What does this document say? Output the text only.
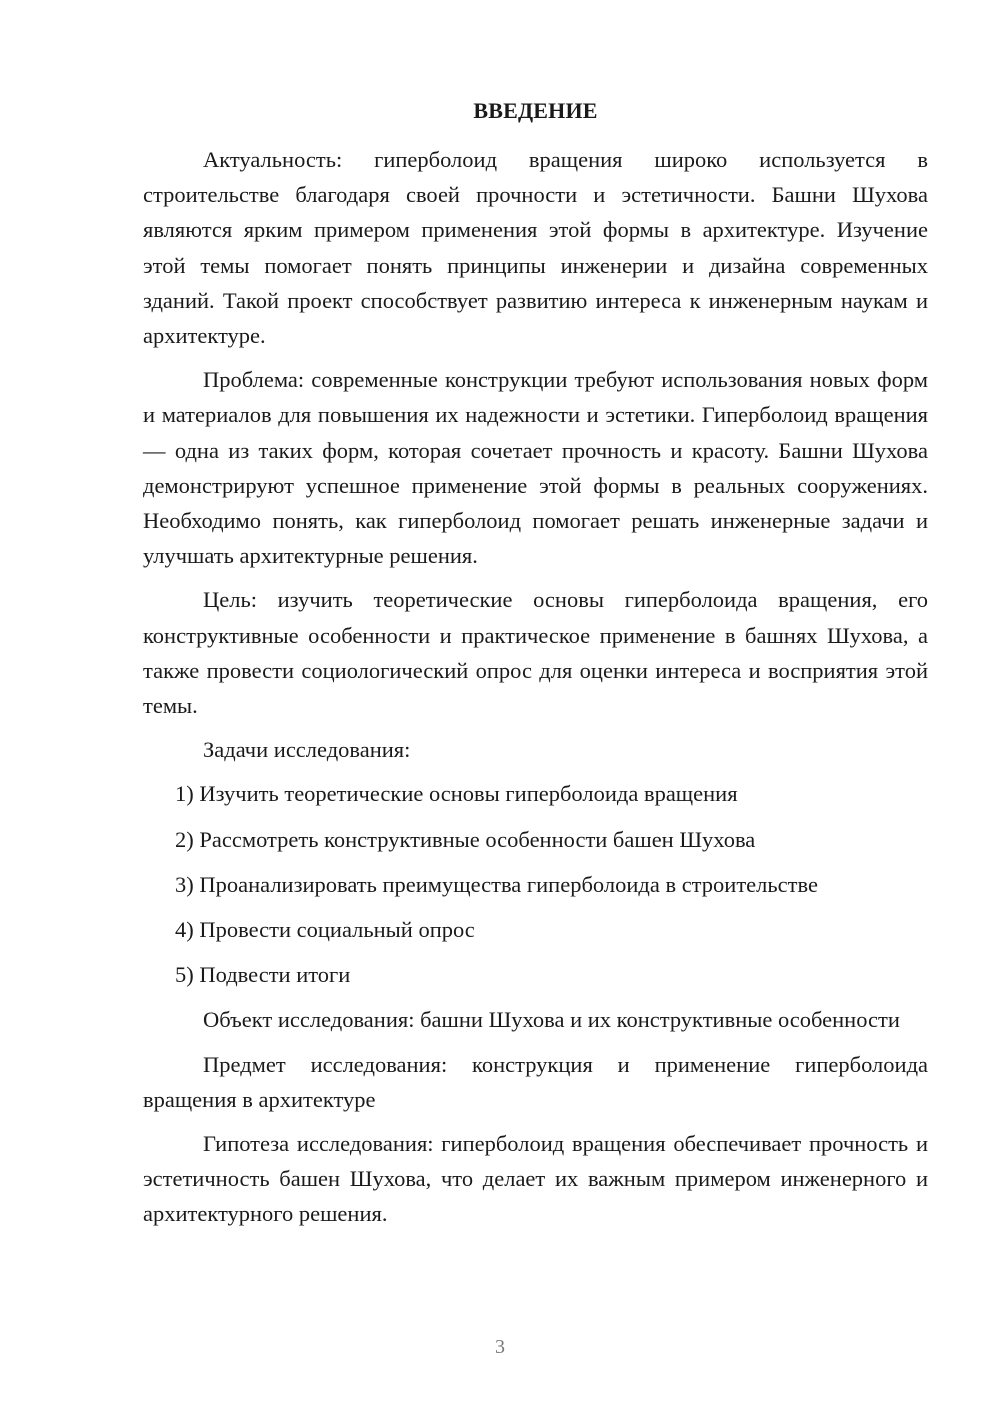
ВВЕДЕНИЕ

Актуальность: гиперболоид вращения широко используется в строительстве благодаря своей прочности и эстетичности. Башни Шухова являются ярким примером применения этой формы в архитектуре. Изучение этой темы помогает понять принципы инженерии и дизайна современных зданий. Такой проект способствует развитию интереса к инженерным наукам и архитектуре.

Проблема: современные конструкции требуют использования новых форм и материалов для повышения их надежности и эстетики. Гиперболоид вращения — одна из таких форм, которая сочетает прочность и красоту. Башни Шухова демонстрируют успешное применение этой формы в реальных сооружениях. Необходимо понять, как гиперболоид помогает решать инженерные задачи и улучшать архитектурные решения.

Цель: изучить теоретические основы гиперболоида вращения, его конструктивные особенности и практическое применение в башнях Шухова, а также провести социологический опрос для оценки интереса и восприятия этой темы.

Задачи исследования:

1) Изучить теоретические основы гиперболоида вращения
2) Рассмотреть конструктивные особенности башен Шухова
3) Проанализировать преимущества гиперболоида в строительстве
4) Провести социальный опрос
5) Подвести итоги

Объект исследования: башни Шухова и их конструктивные особенности

Предмет исследования: конструкция и применение гиперболоида вращения в архитектуре

Гипотеза исследования: гиперболоид вращения обеспечивает прочность и эстетичность башен Шухова, что делает их важным примером инженерного и архитектурного решения.

3
